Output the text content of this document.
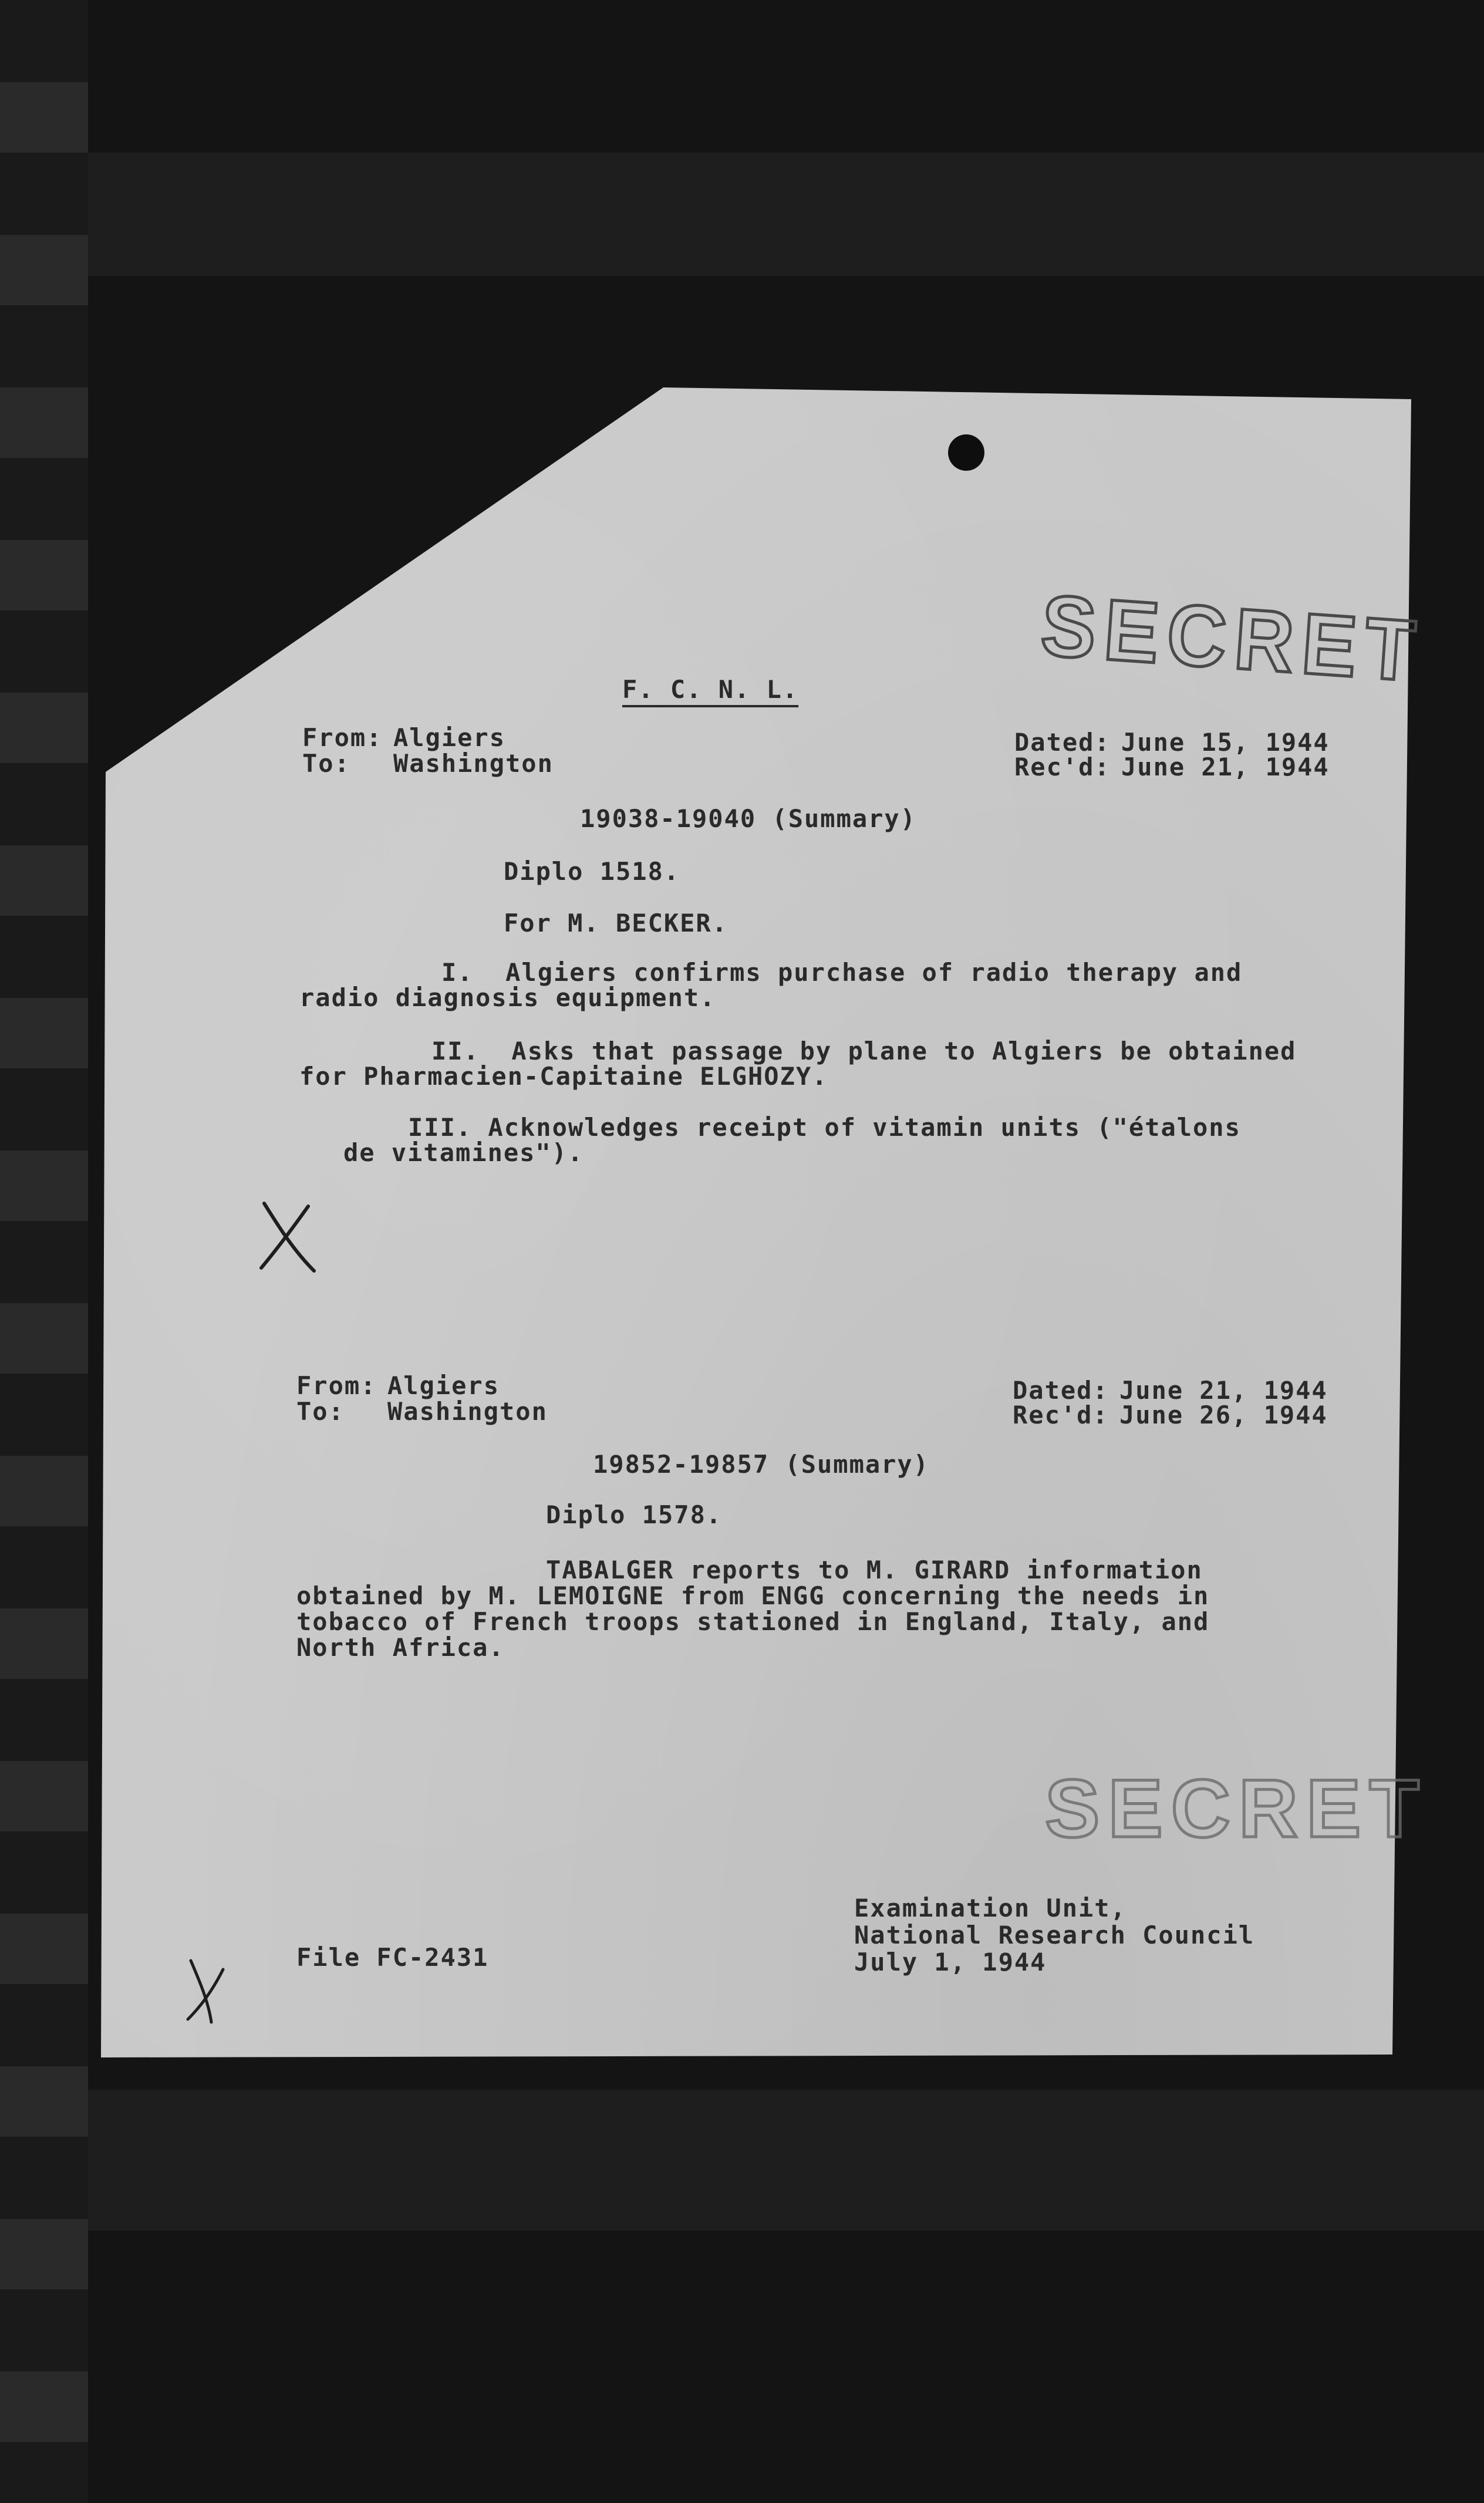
SECRET
F. C. N. L.
From: Algiers
To: Washington
Dated: June 15, 1944
Rec'd: June 21, 1944
19038-19040 (Summary)
Diplo 1518.
For M. BECKER.
I.  Algiers confirms purchase of radio therapy and
radio diagnosis equipment.
II.  Asks that passage by plane to Algiers be obtained
for Pharmacien-Capitaine ELGHOZY.
III. Acknowledges receipt of vitamin units ("étalons
de vitamines").
From: Algiers
To: Washington
Dated: June 21, 1944
Rec'd: June 26, 1944
19852-19857 (Summary)
Diplo 1578.
TABALGER reports to M. GIRARD information
obtained by M. LEMOIGNE from ENGG concerning the needs in
tobacco of French troops stationed in England, Italy, and
North Africa.
SECRET
Examination Unit,
National Research Council
July 1, 1944
File FC-2431
